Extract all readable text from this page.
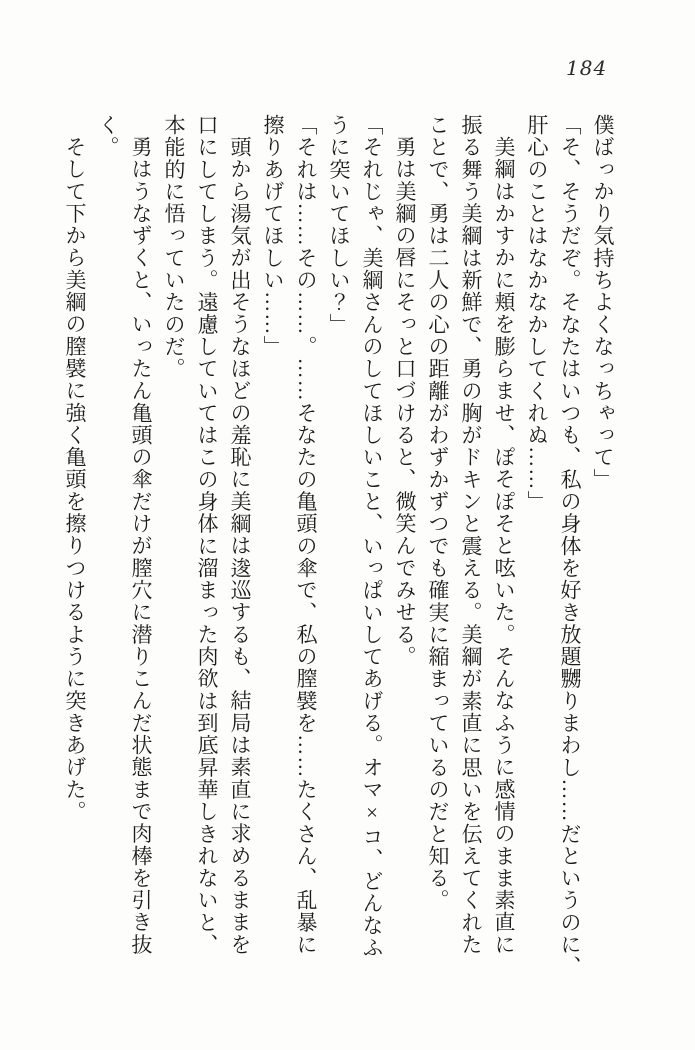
184

僕ばっかり気持ちよくなっちゃって」

「そ、そうだぞ。そなたはいつも、私の身体を好き放題嬲りまわし……だというのに、

肝心のことはなかなかしてくれぬ……」

美綱はかすかに頬を膨らませ、ぽそぽそと呟いた。そんなふうに感情のまま素直に

振る舞う美綱は新鮮で、勇の胸がドキンと震える。美綱が素直に思いを伝えてくれた

ことで、勇は二人の心の距離がわずかずつでも確実に縮まっているのだと知る。

勇は美綱の唇にそっと口づけると、微笑んでみせる。

「それじゃ、美綱さんのしてほしいこと、いっぱいしてあげる。オマ×コ、どんなふ

うに突いてほしい？」

「それは……その……。……そなたの亀頭の傘で、私の膣襞を……たくさん、乱暴に

擦りあげてほしい……」

頭から湯気が出そうなほどの羞恥に美綱は逡巡するも、結局は素直に求めるままを

口にしてしまう。遠慮していてはこの身体に溜まった肉欲は到底昇華しきれないと、

本能的に悟っていたのだ。

勇はうなずくと、いったん亀頭の傘だけが膣穴に潜りこんだ状態まで肉棒を引き抜

く。

そして下から美綱の膣襞に強く亀頭を擦りつけるように突きあげた。
